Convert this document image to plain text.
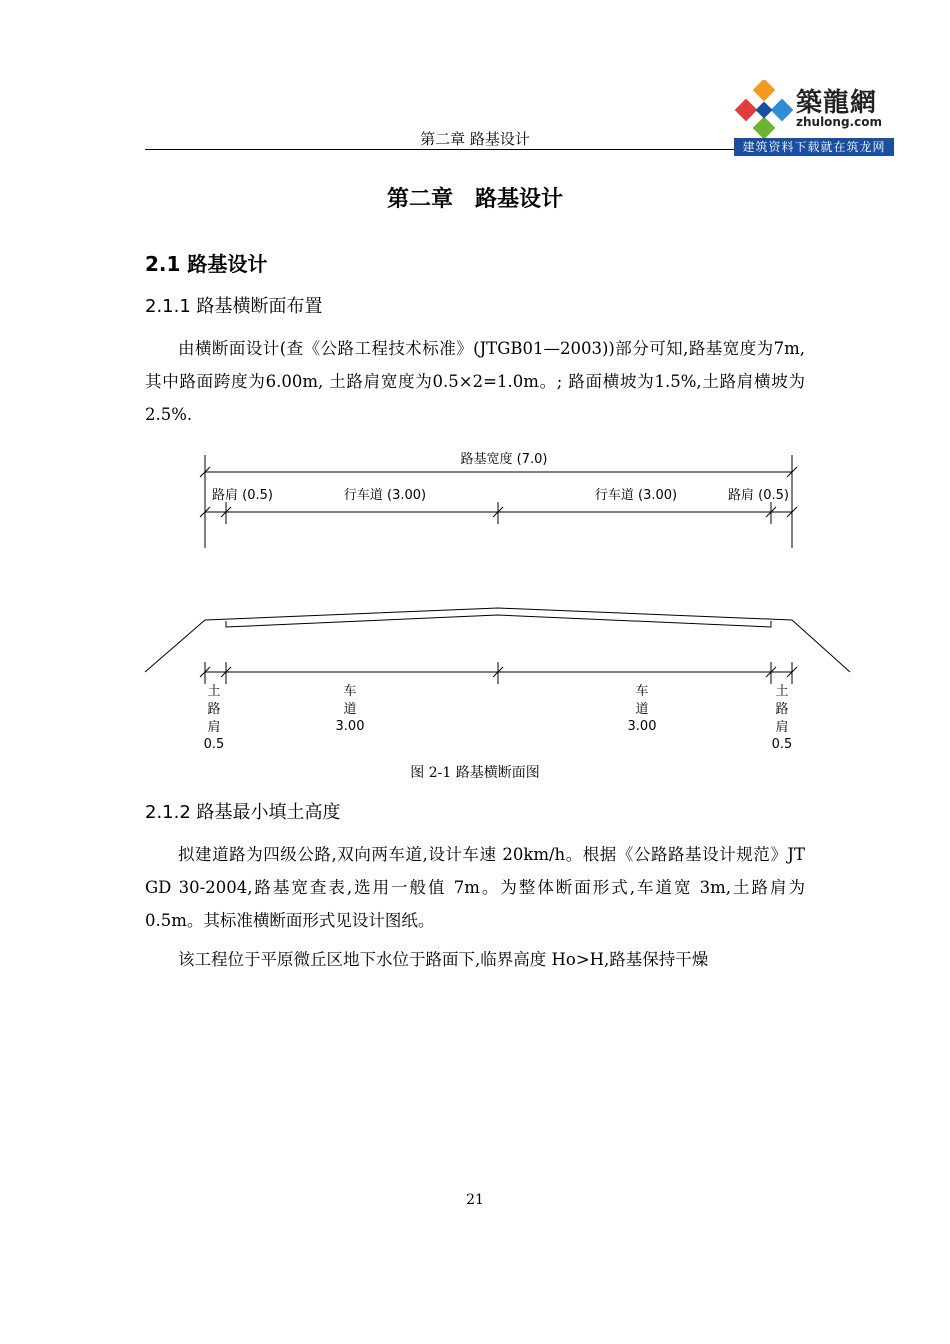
第二章 路基设计
築龍網
zhulong.com
建筑资料下载就在筑龙网
第二章　路基设计
2.1 路基设计
2.1.1 路基横断面布置

由横断面设计(查《公路工程技术标准》(JTGB01—2003))部分可知,路基宽度为7m, 其中路面跨度为6.00m, 土路肩宽度为0.5×2=1.0m。; 路面横坡为1.5%,土路肩横坡为2.5%.

路基宽度 (7.0)
路肩 (0.5)	行车道 (3.00)	行车道 (3.00)	路肩 (0.5)
土
路
肩
0.5
车
道
3.00
车
道
3.00
土
路
肩
0.5
图 2-1 路基横断面图
2.1.2 路基最小填土高度

拟建道路为四级公路,双向两车道,设计车速 20km/h。根据《公路路基设计规范》JT GD 30-2004,路基宽查表,选用一般值 7m。为整体断面形式,车道宽 3m,土路肩为 0.5m。其标准横断面形式见设计图纸。

该工程位于平原微丘区地下水位于路面下,临界高度 Ho>H,路基保持干燥

21
